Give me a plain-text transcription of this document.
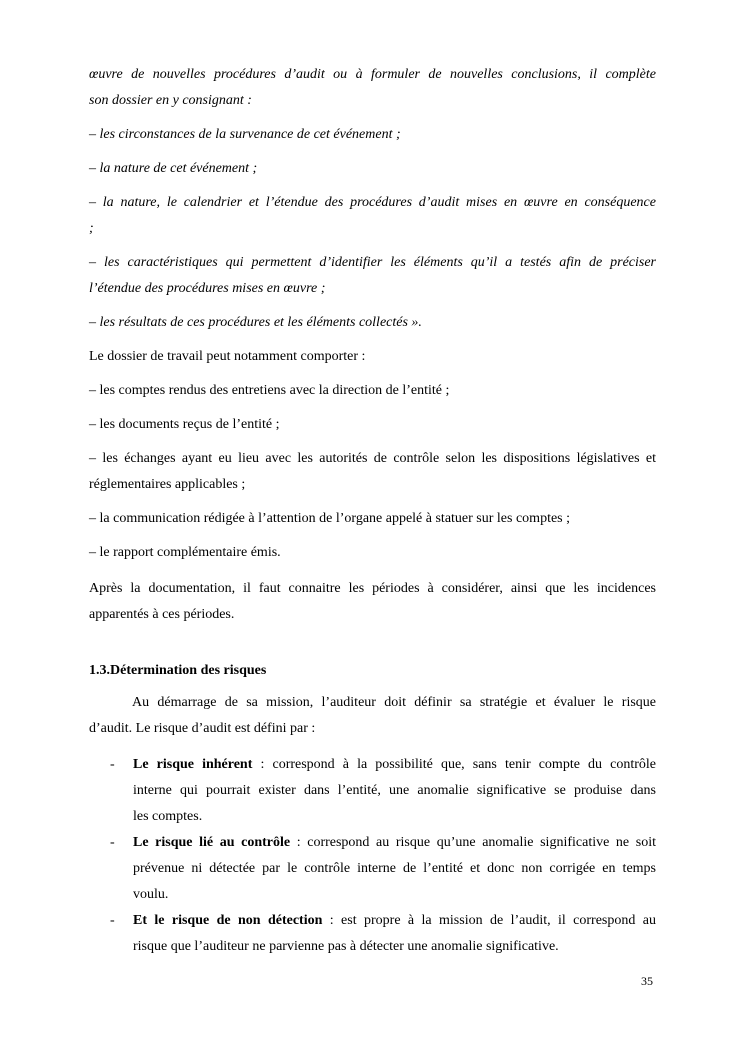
œuvre de nouvelles procédures d’audit ou à formuler de nouvelles conclusions, il complète

son dossier en y consignant :

– les circonstances de la survenance de cet événement ;

– la nature de cet événement ;

– la nature, le calendrier et l’étendue des procédures d’audit mises en œuvre en conséquence

;

– les caractéristiques qui permettent d’identifier les éléments qu’il a testés afin de préciser

l’étendue des procédures mises en œuvre ;

– les résultats de ces procédures et les éléments collectés ».

Le dossier de travail peut notamment comporter :

– les comptes rendus des entretiens avec la direction de l’entité ;

– les documents reçus de l’entité ;

– les échanges ayant eu lieu avec les autorités de contrôle selon les dispositions législatives et

réglementaires applicables ;

– la communication rédigée à l’attention de l’organe appelé à statuer sur les comptes ;

– le rapport complémentaire émis.

Après la documentation, il faut connaitre les périodes à considérer, ainsi que les incidences

apparentés à ces périodes.

1.3.Détermination des risques

Au démarrage de sa mission, l’auditeur doit définir sa stratégie et évaluer le risque

d’audit. Le risque d’audit est défini par :

- Le risque inhérent : correspond à la possibilité que, sans tenir compte du contrôle

interne qui pourrait exister dans l’entité, une anomalie significative se produise dans

les comptes.

- Le risque lié au contrôle : correspond au risque qu’une anomalie significative ne soit

prévenue ni détectée par le contrôle interne de l’entité et donc non corrigée en temps

voulu.

- Et le risque de non détection : est propre à la mission de l’audit, il correspond au

risque que l’auditeur ne parvienne pas à détecter une anomalie significative.

35
